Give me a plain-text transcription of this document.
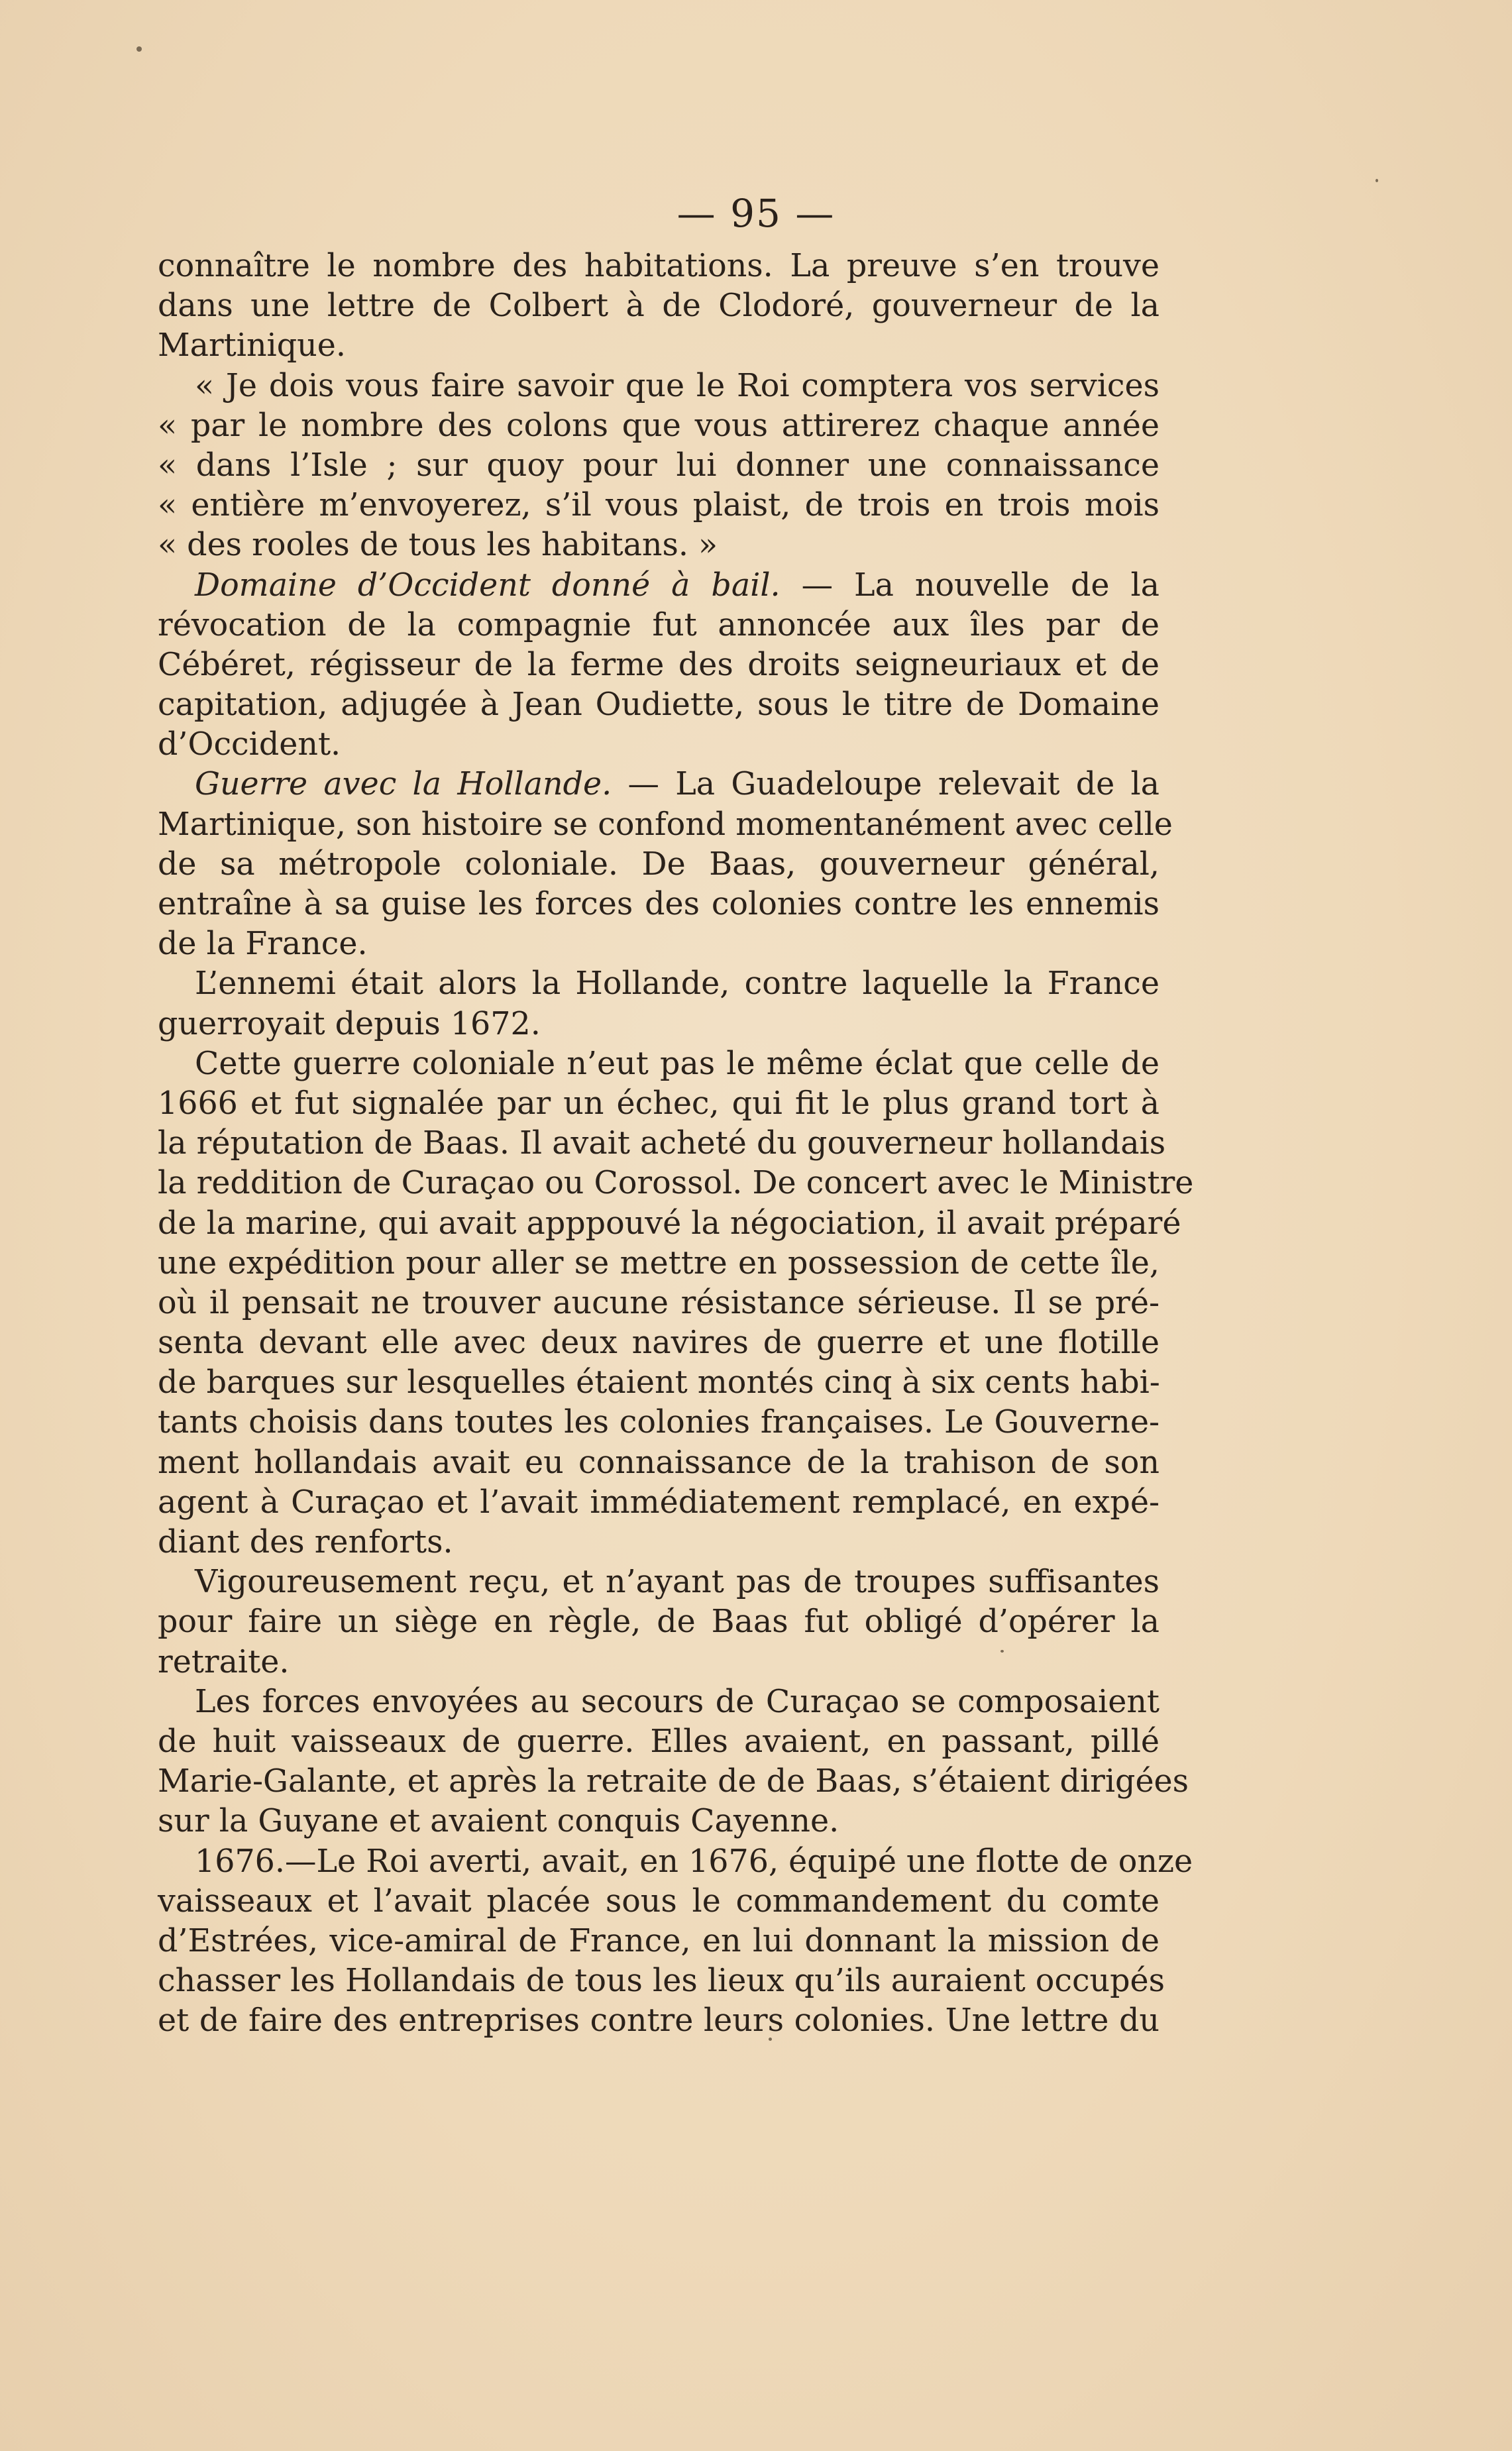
— 95 —
connaître le nombre des habitations. La preuve s’en trouve
dans une lettre de Colbert à de Clodoré, gouverneur de la
Martinique.
« Je dois vous faire savoir que le Roi comptera vos services
« par le nombre des colons que vous attirerez chaque année
« dans l’Isle ; sur quoy pour lui donner une connaissance
« entière m’envoyerez, s’il vous plaist, de trois en trois mois
« des rooles de tous les habitans. »
Domaine d’Occident donné à bail. — La nouvelle de la
révocation de la compagnie fut annoncée aux îles par de
Cébéret, régisseur de la ferme des droits seigneuriaux et de
capitation, adjugée à Jean Oudiette, sous le titre de Domaine
d’Occident.
Guerre avec la Hollande. — La Guadeloupe relevait de la
Martinique, son histoire se confond momentanément avec celle
de sa métropole coloniale. De Baas, gouverneur général,
entraîne à sa guise les forces des colonies contre les ennemis
de la France.
L’ennemi était alors la Hollande, contre laquelle la France
guerroyait depuis 1672.
Cette guerre coloniale n’eut pas le même éclat que celle de
1666 et fut signalée par un échec, qui fit le plus grand tort à
la réputation de Baas. Il avait acheté du gouverneur hollandais
la reddition de Curaçao ou Corossol. De concert avec le Ministre
de la marine, qui avait apppouvé la négociation, il avait préparé
une expédition pour aller se mettre en possession de cette île,
où il pensait ne trouver aucune résistance sérieuse. Il se pré-
senta devant elle avec deux navires de guerre et une flotille
de barques sur lesquelles étaient montés cinq à six cents habi-
tants choisis dans toutes les colonies françaises. Le Gouverne-
ment hollandais avait eu connaissance de la trahison de son
agent à Curaçao et l’avait immédiatement remplacé, en expé-
diant des renforts.
Vigoureusement reçu, et n’ayant pas de troupes suffisantes
pour faire un siège en règle, de Baas fut obligé d’opérer la
retraite.
Les forces envoyées au secours de Curaçao se composaient
de huit vaisseaux de guerre. Elles avaient, en passant, pillé
Marie-Galante, et après la retraite de de Baas, s’étaient dirigées
sur la Guyane et avaient conquis Cayenne.
1676.—Le Roi averti, avait, en 1676, équipé une flotte de onze
vaisseaux et l’avait placée sous le commandement du comte
d’Estrées, vice-amiral de France, en lui donnant la mission de
chasser les Hollandais de tous les lieux qu’ils auraient occupés
et de faire des entreprises contre leurs colonies. Une lettre du
